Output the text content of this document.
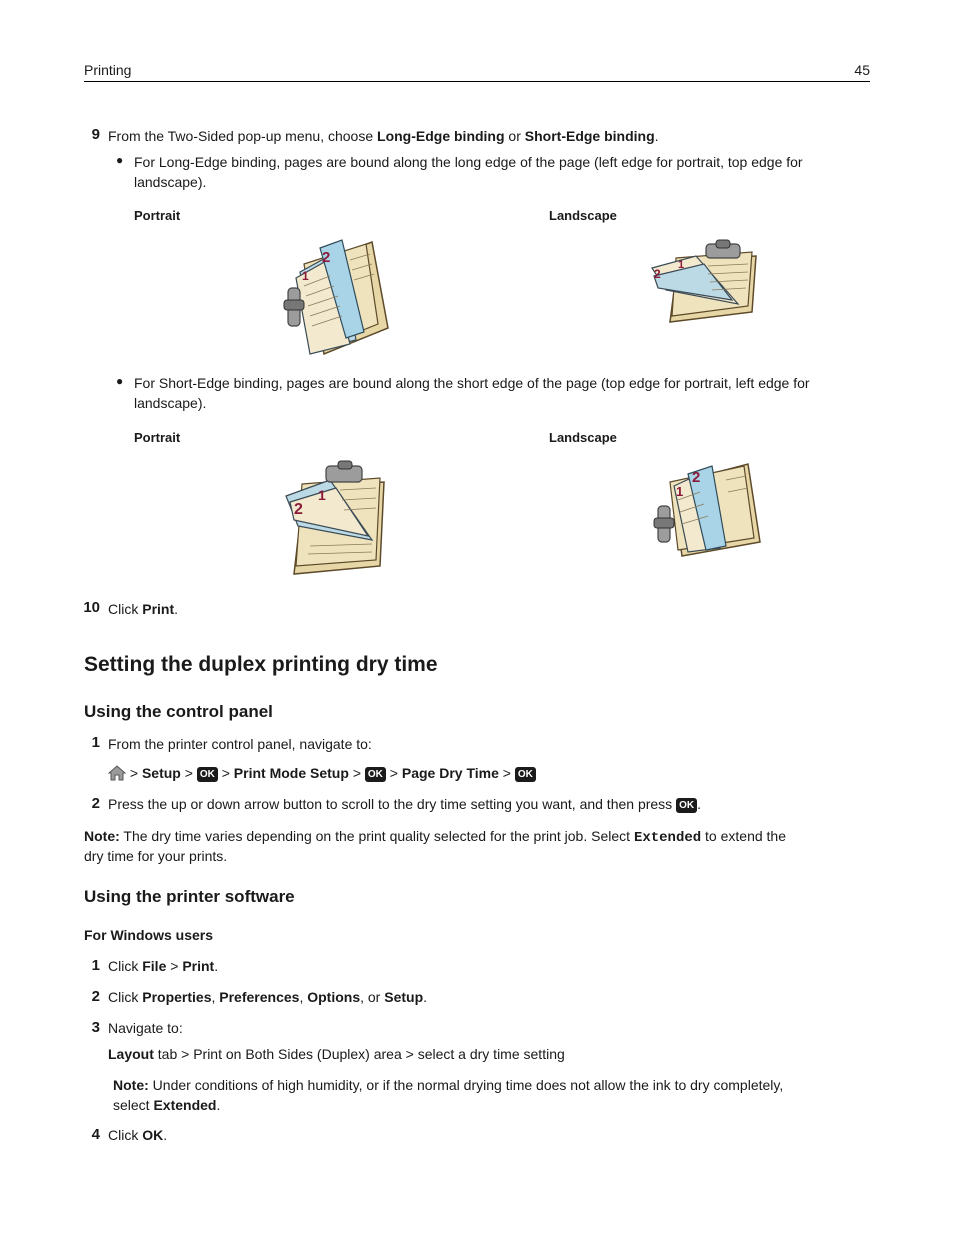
Printing	45
9 From the Two-Sided pop-up menu, choose Long-Edge binding or Short-Edge binding.
● For Long-Edge binding, pages are bound along the long edge of the page (left edge for portrait, top edge for
landscape).
Portrait	Landscape
2
1	2
1
● For Short-Edge binding, pages are bound along the short edge of the page (top edge for portrait, left edge for
landscape).
Portrait	Landscape
2
1
2
1
10 Click Print.
Setting the duplex printing dry time
Using the control panel
1 From the printer control panel, navigate to:
> Setup > OK > Print Mode Setup > OK > Page Dry Time > OK
2 Press the up or down arrow button to scroll to the dry time setting you want, and then press OK .
Note: The dry time varies depending on the print quality selected for the print job. Select Extended to extend the
dry time for your prints.
Using the printer software
For Windows users
1 Click File > Print.
2 Click Properties, Preferences, Options, or Setup.
3 Navigate to:
Layout tab > Print on Both Sides (Duplex) area > select a dry time setting
Note: Under conditions of high humidity, or if the normal drying time does not allow the ink to dry completely,
select Extended.
4 Click OK.
